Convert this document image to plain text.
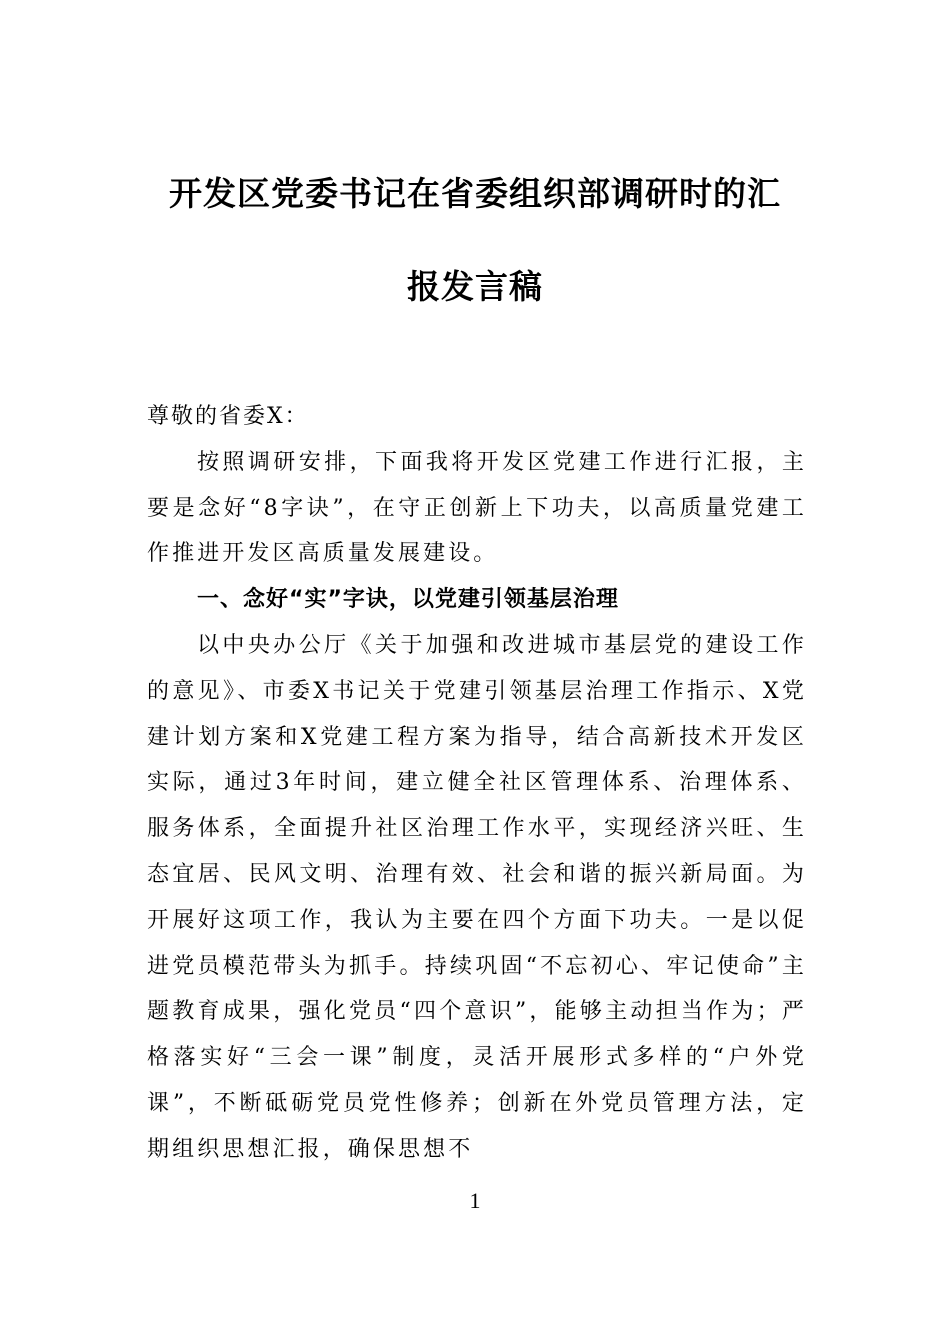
开发区党委书记在省委组织部调研时的汇
报发言稿

尊敬的省委X：

按照调研安排，下面我将开发区党建工作进行汇报，主要是念好“8字诀”，在守正创新上下功夫，以高质量党建工作推进开发区高质量发展建设。

一、念好“实”字诀，以党建引领基层治理

以中央办公厅《关于加强和改进城市基层党的建设工作的意见》、市委X书记关于党建引领基层治理工作指示、X党建计划方案和X党建工程方案为指导，结合高新技术开发区实际，通过3年时间，建立健全社区管理体系、治理体系、服务体系，全面提升社区治理工作水平，实现经济兴旺、生态宜居、民风文明、治理有效、社会和谐的振兴新局面。为开展好这项工作，我认为主要在四个方面下功夫。一是以促进党员模范带头为抓手。持续巩固“不忘初心、牢记使命”主题教育成果，强化党员“四个意识”，能够主动担当作为；严格落实好“三会一课”制度，灵活开展形式多样的“户外党课”，不断砥砺党员党性修养；创新在外党员管理方法，定期组织思想汇报，确保思想不

1
